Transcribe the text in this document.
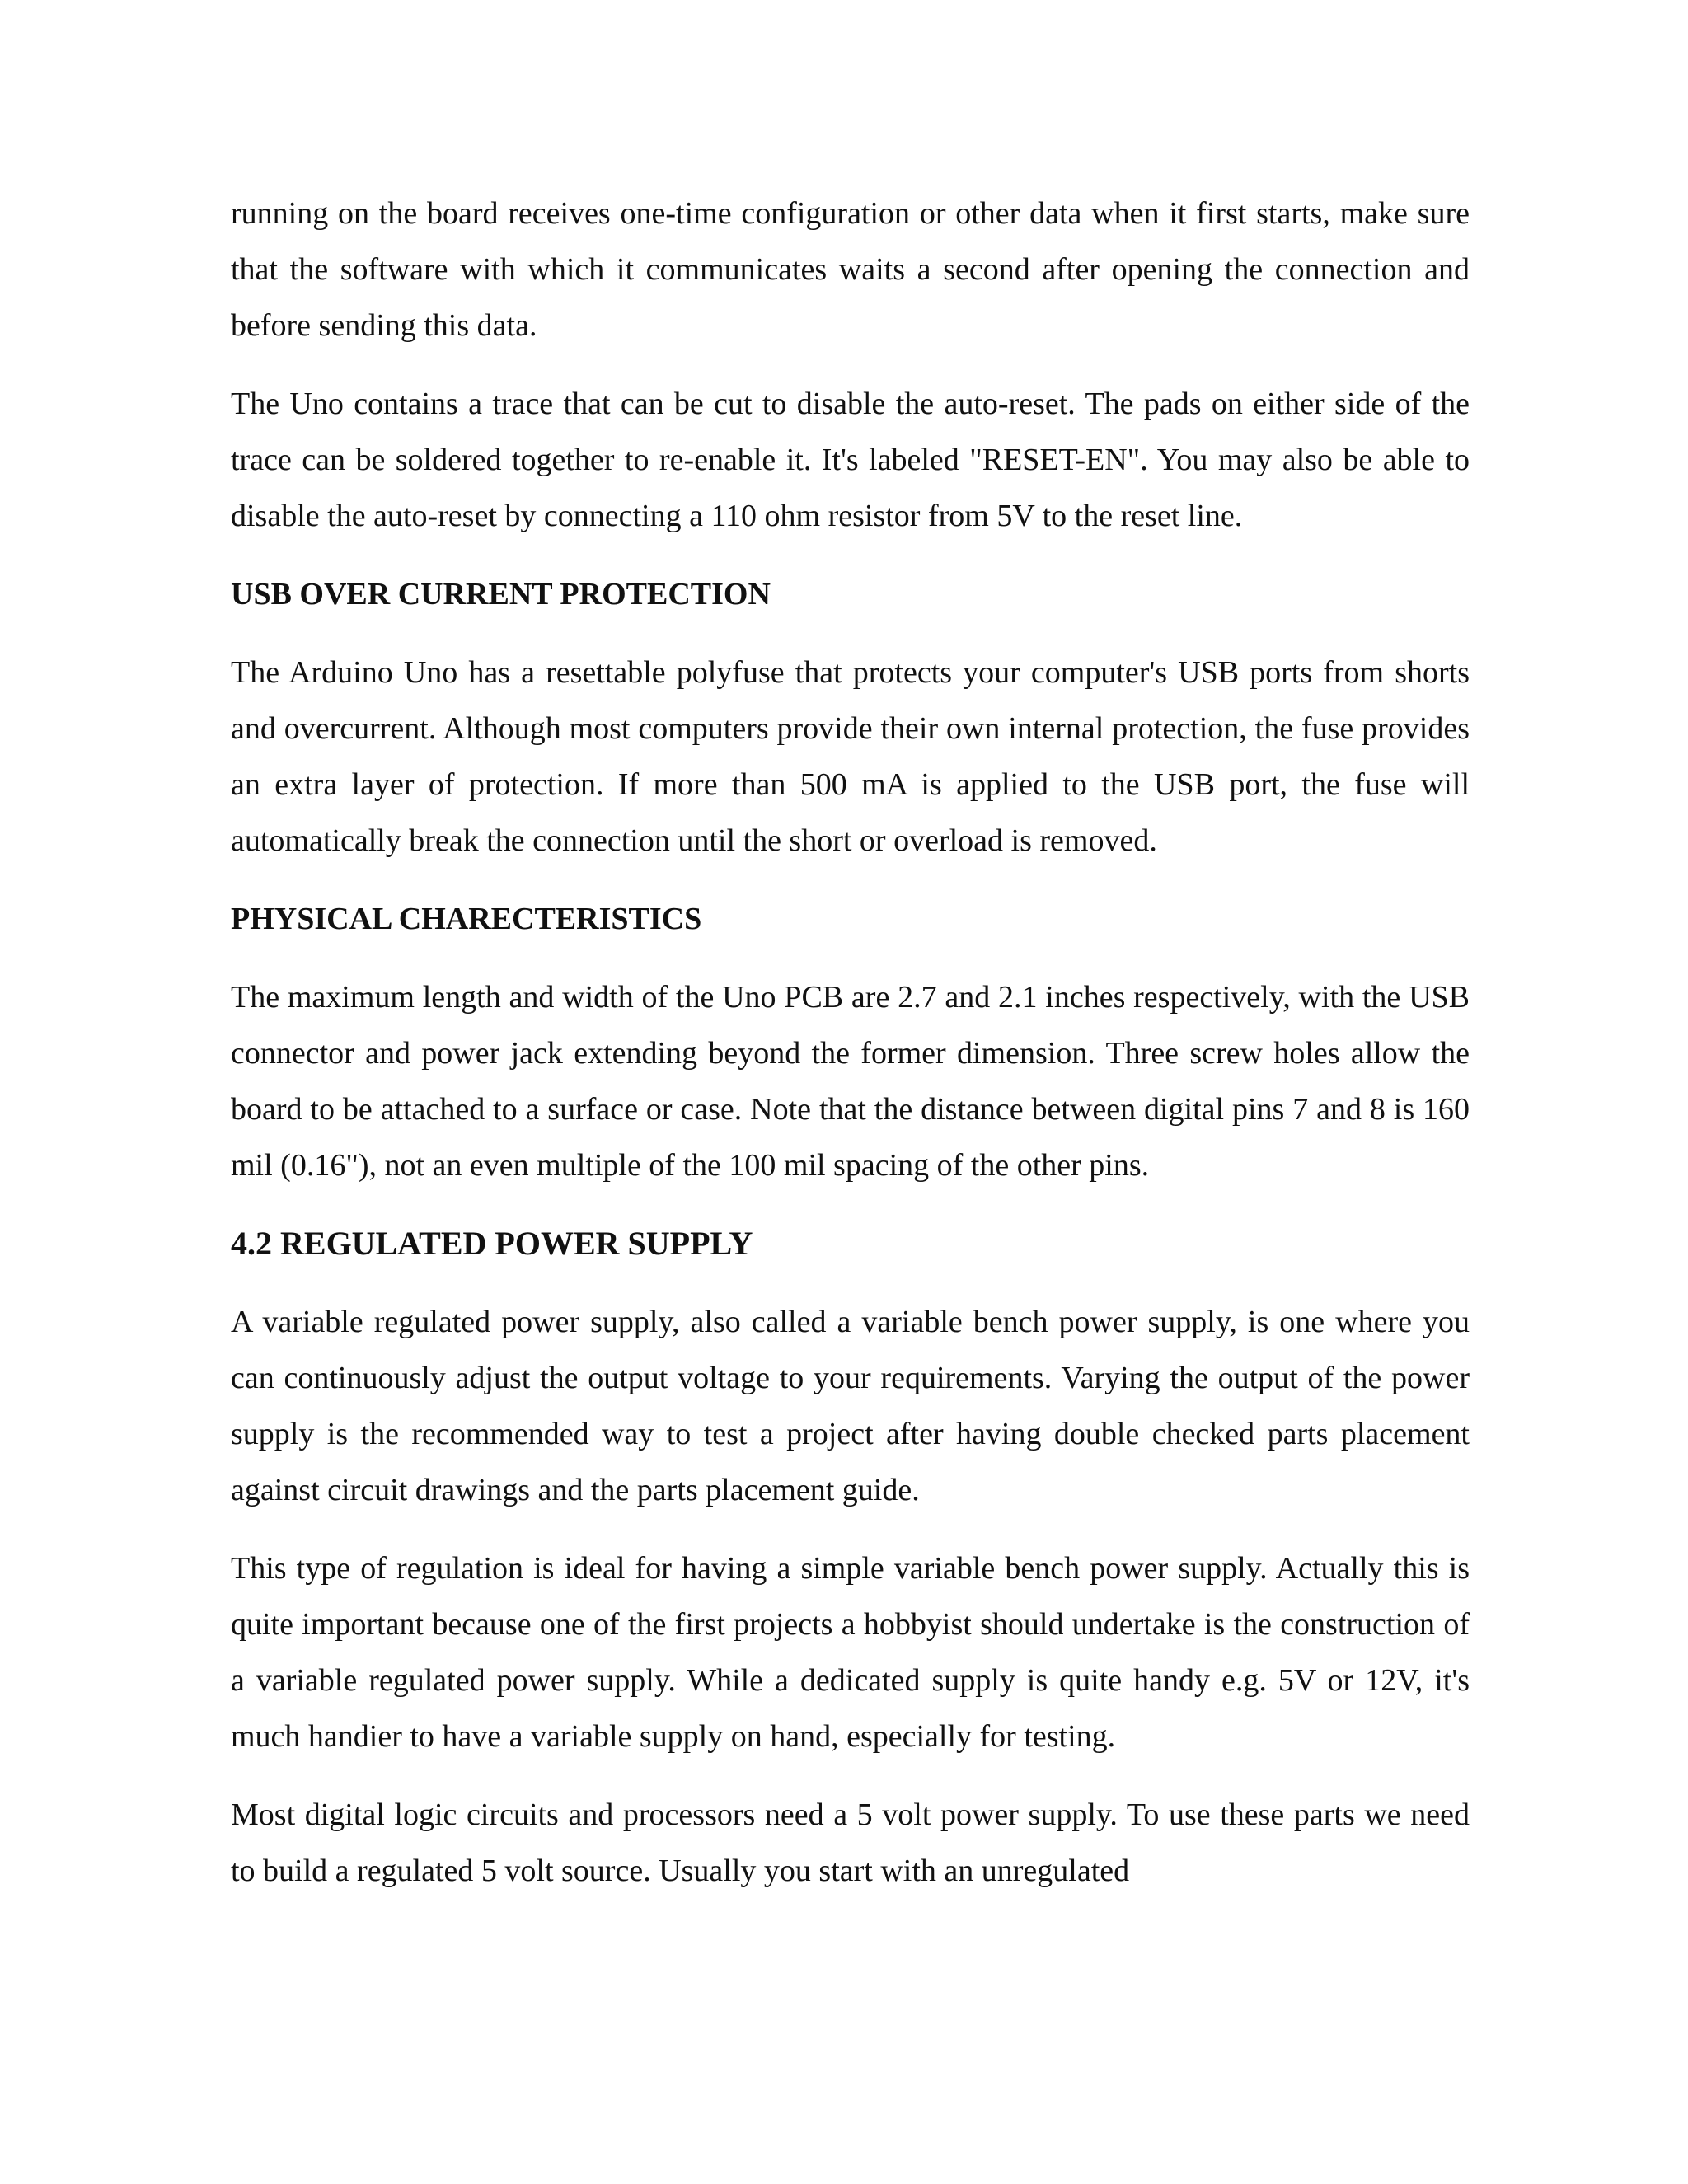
running on the board receives one-time configuration or other data when it first starts, make sure that the software with which it communicates waits a second after opening the connection and before sending this data.

The Uno contains a trace that can be cut to disable the auto-reset. The pads on either side of the trace can be soldered together to re-enable it. It's labeled "RESET-EN". You may also be able to disable the auto-reset by connecting a 110 ohm resistor from 5V to the reset line.

USB OVER CURRENT PROTECTION

The Arduino Uno has a resettable polyfuse that protects your computer's USB ports from shorts and overcurrent. Although most computers provide their own internal protection, the fuse provides an extra layer of protection. If more than 500 mA is applied to the USB port, the fuse will automatically break the connection until the short or overload is removed.

PHYSICAL CHARECTERISTICS

The maximum length and width of the Uno PCB are 2.7 and 2.1 inches respectively, with the USB connector and power jack extending beyond the former dimension. Three screw holes allow the board to be attached to a surface or case. Note that the distance between digital pins 7 and 8 is 160 mil (0.16"), not an even multiple of the 100 mil spacing of the other pins.

4.2 REGULATED POWER SUPPLY

A variable regulated power supply, also called a variable bench power supply, is one where you can continuously adjust the output voltage to your requirements. Varying the output of the power supply is the recommended way to test a project after having double checked parts placement against circuit drawings and the parts placement guide.

This type of regulation is ideal for having a simple variable bench power supply. Actually this is quite important because one of the first projects a hobbyist should undertake is the construction of a variable regulated power supply. While a dedicated supply is quite handy e.g. 5V or 12V, it's much handier to have a variable supply on hand, especially for testing.

Most digital logic circuits and processors need a 5 volt power supply. To use these parts we need to build a regulated 5 volt source. Usually you start with an unregulated
